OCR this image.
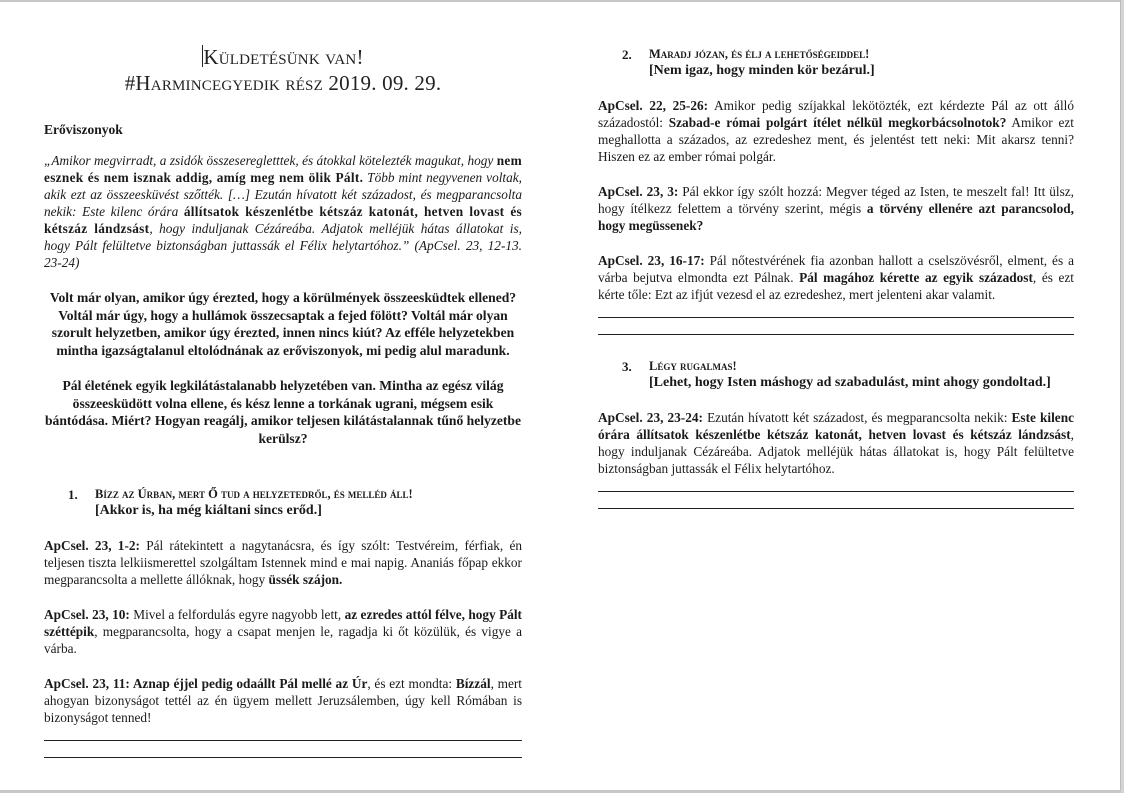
Küldetésünk van!
#Harmincegyedik rész 2019. 09. 29.
Erőviszonyok

„Amikor megvirradt, a zsidók összeseregletttek, és átokkal kötelezték magukat, hogy nem esznek és nem isznak addig, amíg meg nem ölik Pált. Több mint negyvenen voltak, akik ezt az összeesküvést szőtték. […] Ezután hívatott két századost, és megparancsolta nekik: Este kilenc órára állítsatok készenlétbe kétszáz katonát, hetven lovast és kétszáz lándzsást, hogy induljanak Cézáreába. Adjatok melléjük hátas állatokat is, hogy Pált felültetve biztonságban juttassák el Félix helytartóhoz.” (ApCsel. 23, 12-13. 23-24)

Volt már olyan, amikor úgy érezted, hogy a körülmények összeesküdtek ellened? Voltál már úgy, hogy a hullámok összecsaptak a fejed fölött? Voltál már olyan szorult helyzetben, amikor úgy érezted, innen nincs kiút? Az efféle helyzetekben mintha igazságtalanul eltolódnának az erőviszonyok, mi pedig alul maradunk.

Pál életének egyik legkilátástalanabb helyzetében van. Mintha az egész világ összeesküdött volna ellene, és kész lenne a torkának ugrani, mégsem esik bántódása. Miért? Hogyan reagálj, amikor teljesen kilátástalannak tűnő helyzetbe kerülsz?

1.	Bízz az Úrban, mert Ő tud a helyzetedről, és melléd áll!
[Akkor is, ha még kiáltani sincs erőd.]

ApCsel. 23, 1-2: Pál rátekintett a nagytanácsra, és így szólt: Testvéreim, férfiak, én teljesen tiszta lelkiismerettel szolgáltam Istennek mind e mai napig. Ananiás főpap ekkor megparancsolta a mellette állóknak, hogy üssék szájon.

ApCsel. 23, 10: Mivel a felfordulás egyre nagyobb lett, az ezredes attól félve, hogy Pált széttépik, megparancsolta, hogy a csapat menjen le, ragadja ki őt közülük, és vigye a várba.

ApCsel. 23, 11: Aznap éjjel pedig odaállt Pál mellé az Úr, és ezt mondta: Bízzál, mert ahogyan bizonyságot tettél az én ügyem mellett Jeruzsálemben, úgy kell Rómában is bizonyságot tenned!

2.	Maradj józan, és élj a lehetőségeiddel!
[Nem igaz, hogy minden kör bezárul.]

ApCsel. 22, 25-26: Amikor pedig szíjakkal lekötözték, ezt kérdezte Pál az ott álló századostól: Szabad-e római polgárt ítélet nélkül megkorbácsolnotok? Amikor ezt meghallotta a százados, az ezredeshez ment, és jelentést tett neki: Mit akarsz tenni? Hiszen ez az ember római polgár.

ApCsel. 23, 3: Pál ekkor így szólt hozzá: Megver téged az Isten, te meszelt fal! Itt ülsz, hogy ítélkezz felettem a törvény szerint, mégis a törvény ellenére azt parancsolod, hogy megüssenek?

ApCsel. 23, 16-17: Pál nőtestvérének fia azonban hallott a cselszövésről, elment, és a várba bejutva elmondta ezt Pálnak. Pál magához kérette az egyik századost, és ezt kérte tőle: Ezt az ifjút vezesd el az ezredeshez, mert jelenteni akar valamit.

3.	Légy rugalmas!
[Lehet, hogy Isten máshogy ad szabadulást, mint ahogy gondoltad.]

ApCsel. 23, 23-24: Ezután hívatott két századost, és megparancsolta nekik: Este kilenc órára állítsatok készenlétbe kétszáz katonát, hetven lovast és kétszáz lándzsást, hogy induljanak Cézáreába. Adjatok melléjük hátas állatokat is, hogy Pált felültetve biztonságban juttassák el Félix helytartóhoz.
